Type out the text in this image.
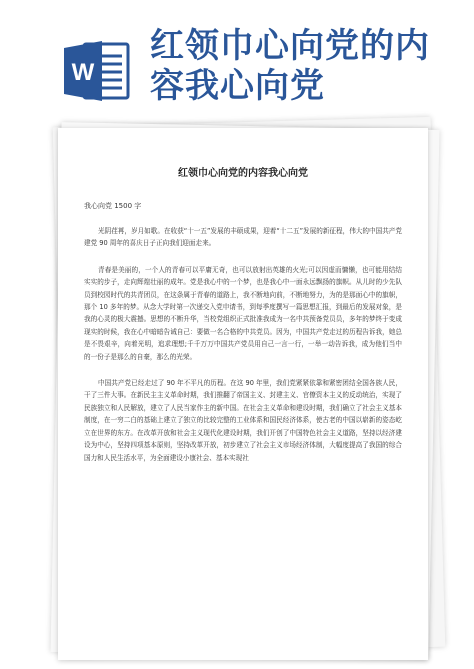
W
红领巾心向党的内
容我心向党
红领巾心向党的内容我心向党
我心向党 1500 字

光阴荏苒，岁月如歌。在收获“十一五”发展的丰硕成果，迎着“十二五”发展的新征程，伟大的中国共产党建党 90 周年的喜庆日子正向我们迎面走来。

青春是美丽的，一个人的青春可以平庸无奇，也可以放射出英雄的火光;可以因虚而慵懒，也可能用结结实实的步子，走向辉煌壮丽的成年。党是我心中的一个梦，也是我心中一面永远飘扬的旗帜。从儿时的少先队员到校园时代的共青团员，在这条属于青春的道路上，我不断地向前，不断地努力，为的是那面心中的旗帜，那个 10 多年的梦。从念大学时第一次递交入党申请书，到每季度撰写一篇思想汇报，到最后的发展对象，是我的心灵的极大震撼。思想的不断升华，当校党组织正式批准我成为一名中共预备党员员，多年的梦终于变成现实的时候，我在心中暗暗告诫自己：要做一名合格的中共党员。因为，中国共产党走过的历程告诉我，她总是不畏艰辛，向着光明，追求理想;千千万万中国共产党员用自己一言一行，一举一动告诉我，成为他们当中的一份子是那么的自豪，那么的光荣。

中国共产党已经走过了 90 年不平凡的历程。在这 90 年里，我们党紧紧依靠和紧密团结全国各族人民，干了三件大事。在新民主主义革命时期，我们推翻了帝国主义、封建主义、官僚资本主义的反动统治，实现了民族独立和人民解放，建立了人民当家作主的新中国。在社会主义革命和建设时期，我们确立了社会主义基本制度，在一穷二白的基础上建立了独立的比较完整的工业体系和国民经济体系，使古老的中国以崭新的姿态屹立在世界的东方。在改革开放和社会主义现代化建设时期，我们开创了中国特色社会主义道路，坚持以经济建设为中心，坚持四项基本原则，坚持改革开放，初步建立了社会主义市场经济体制，大幅度提高了我国的综合国力和人民生活水平，为全面建设小康社会、基本实现社
